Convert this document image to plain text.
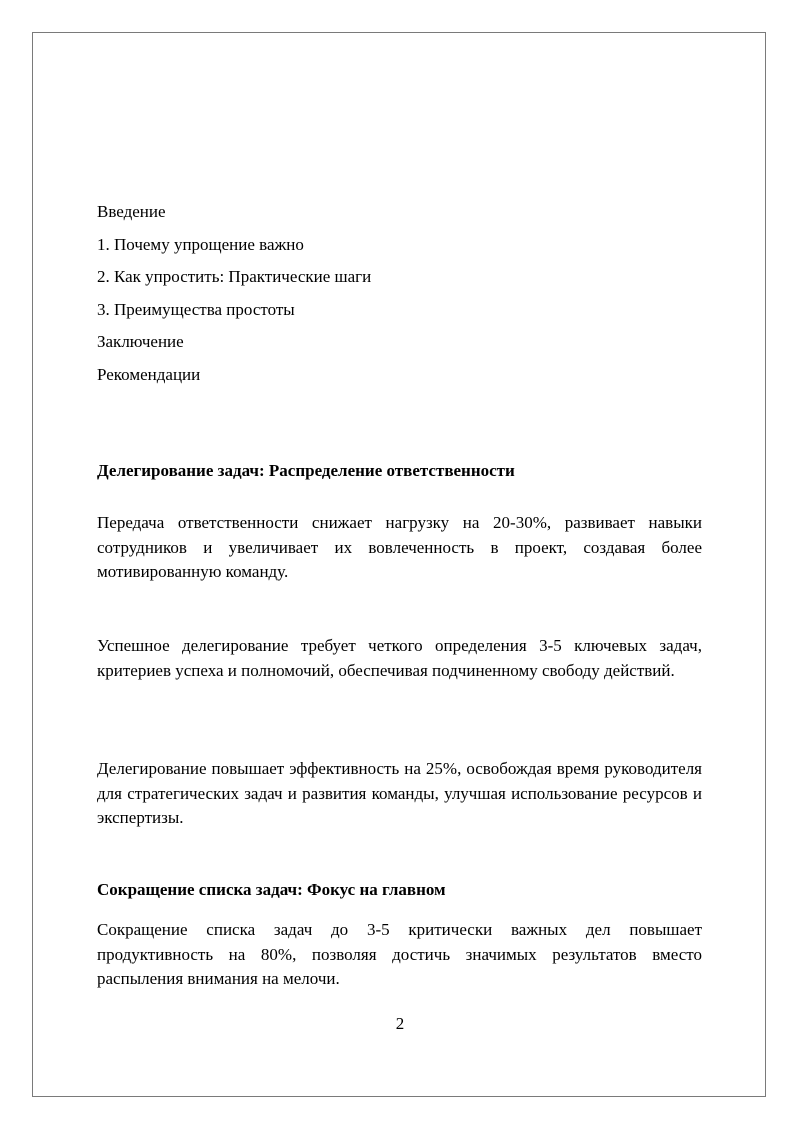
Введение
1. Почему упрощение важно
2. Как упростить: Практические шаги
3. Преимущества простоты
Заключение
Рекомендации
Делегирование задач: Распределение ответственности
Передача ответственности снижает нагрузку на 20-30%, развивает навыки сотрудников и увеличивает их вовлеченность в проект, создавая более мотивированную команду.
Успешное делегирование требует четкого определения 3-5 ключевых задач, критериев успеха и полномочий, обеспечивая подчиненному свободу действий.
Делегирование повышает эффективность на 25%, освобождая время руководителя для стратегических задач и развития команды, улучшая использование ресурсов и экспертизы.
Сокращение списка задач: Фокус на главном
Сокращение списка задач до 3-5 критически важных дел повышает продуктивность на 80%, позволяя достичь значимых результатов вместо распыления внимания на мелочи.
2
